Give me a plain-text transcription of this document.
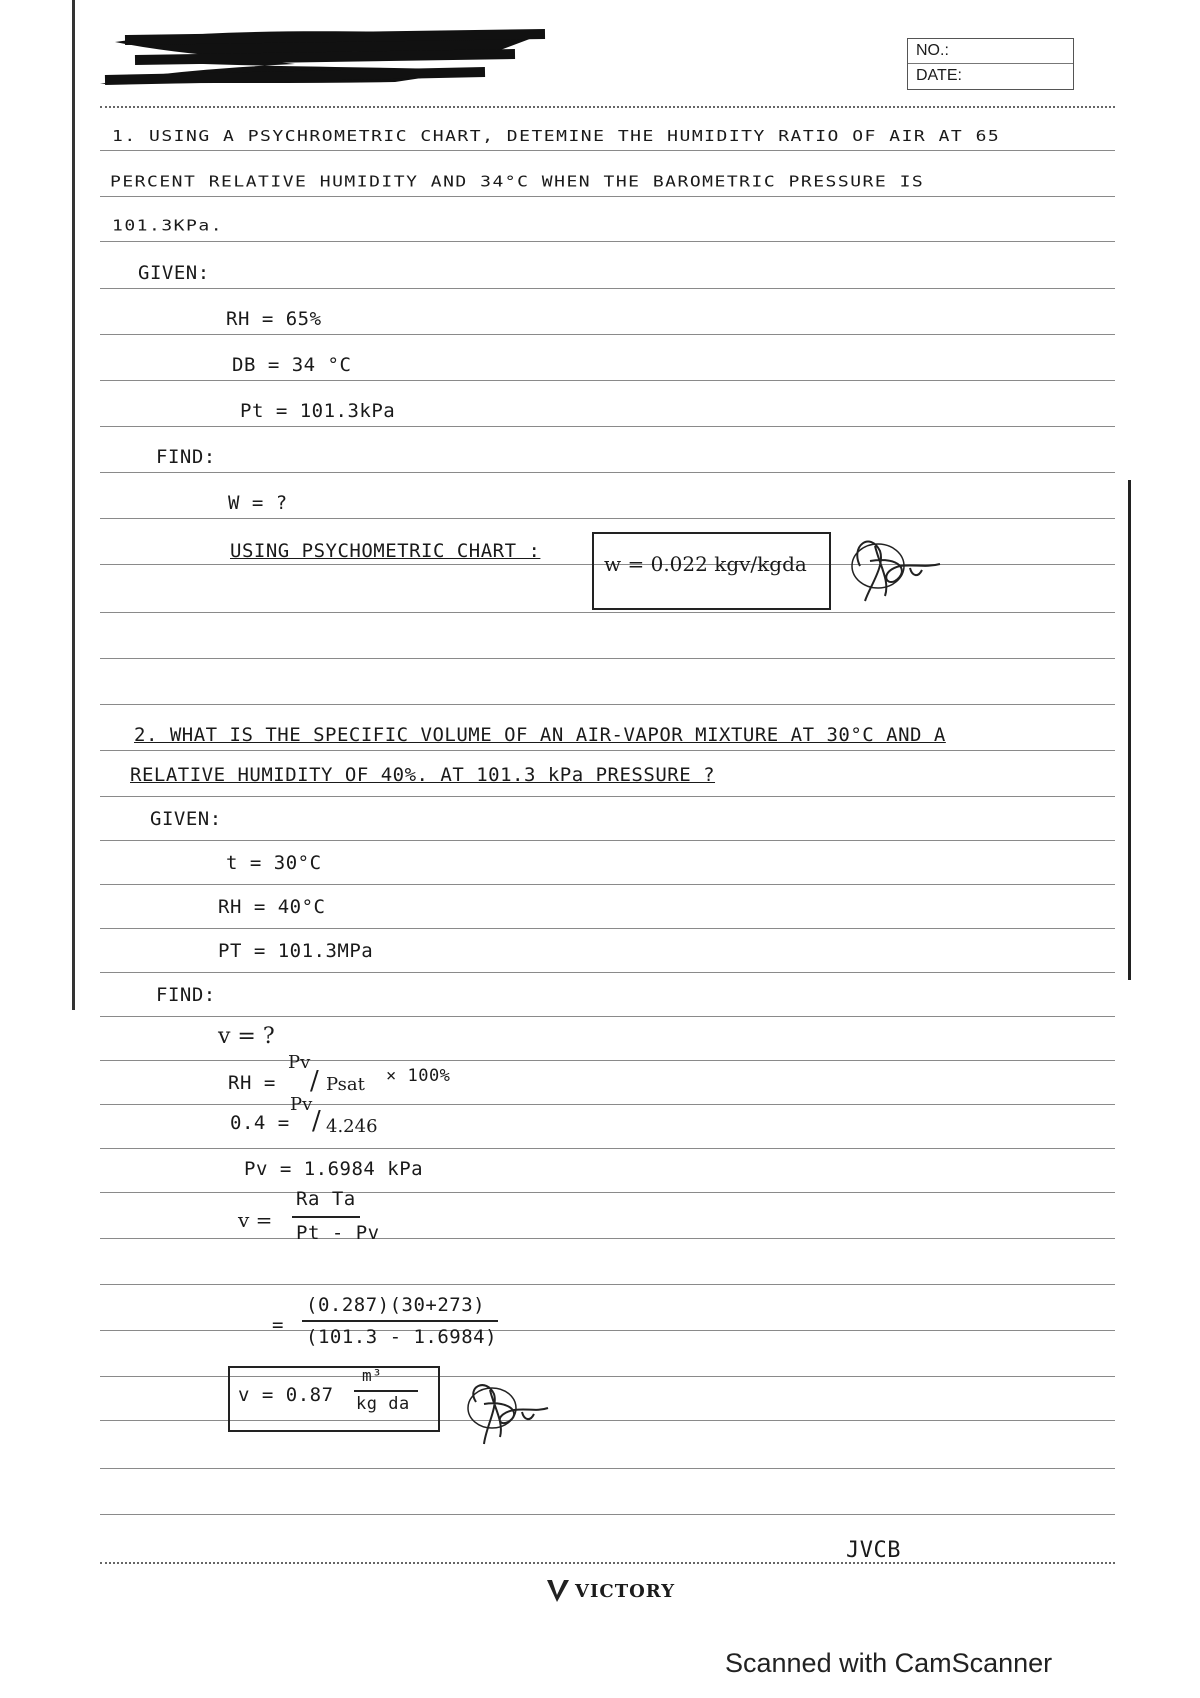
NO.:
DATE:
1. USING A PSYCHROMETRIC CHART, DETEMINE THE HUMIDITY RATIO OF AIR AT 65
PERCENT RELATIVE HUMIDITY AND 34°C WHEN THE BAROMETRIC PRESSURE IS
101.3KPa.
GIVEN:
RH = 65%
DB = 34 °C
Pt = 101.3kPa
FIND:
W = ?
USING PSYCHOMETRIC CHART :
w = 0.022 kgv/kgda
2. WHAT IS THE SPECIFIC VOLUME OF AN AIR-VAPOR MIXTURE AT 30°C AND A
RELATIVE HUMIDITY OF 40%. AT 101.3 kPa PRESSURE ?
GIVEN:
t = 30°C
RH = 40°C
PT = 101.3MPa
FIND:
v = ?
RH =
Pv
/ Psat × 100%
0.4 =
Pv
/ 4.246
Pv = 1.6984 kPa
v =
Ra Ta
Pt - Pv
=
(0.287)(30+273)
(101.3 - 1.6984)
v = 0.87
m³
kg da
JVCB
VICTORY
Scanned with CamScanner
